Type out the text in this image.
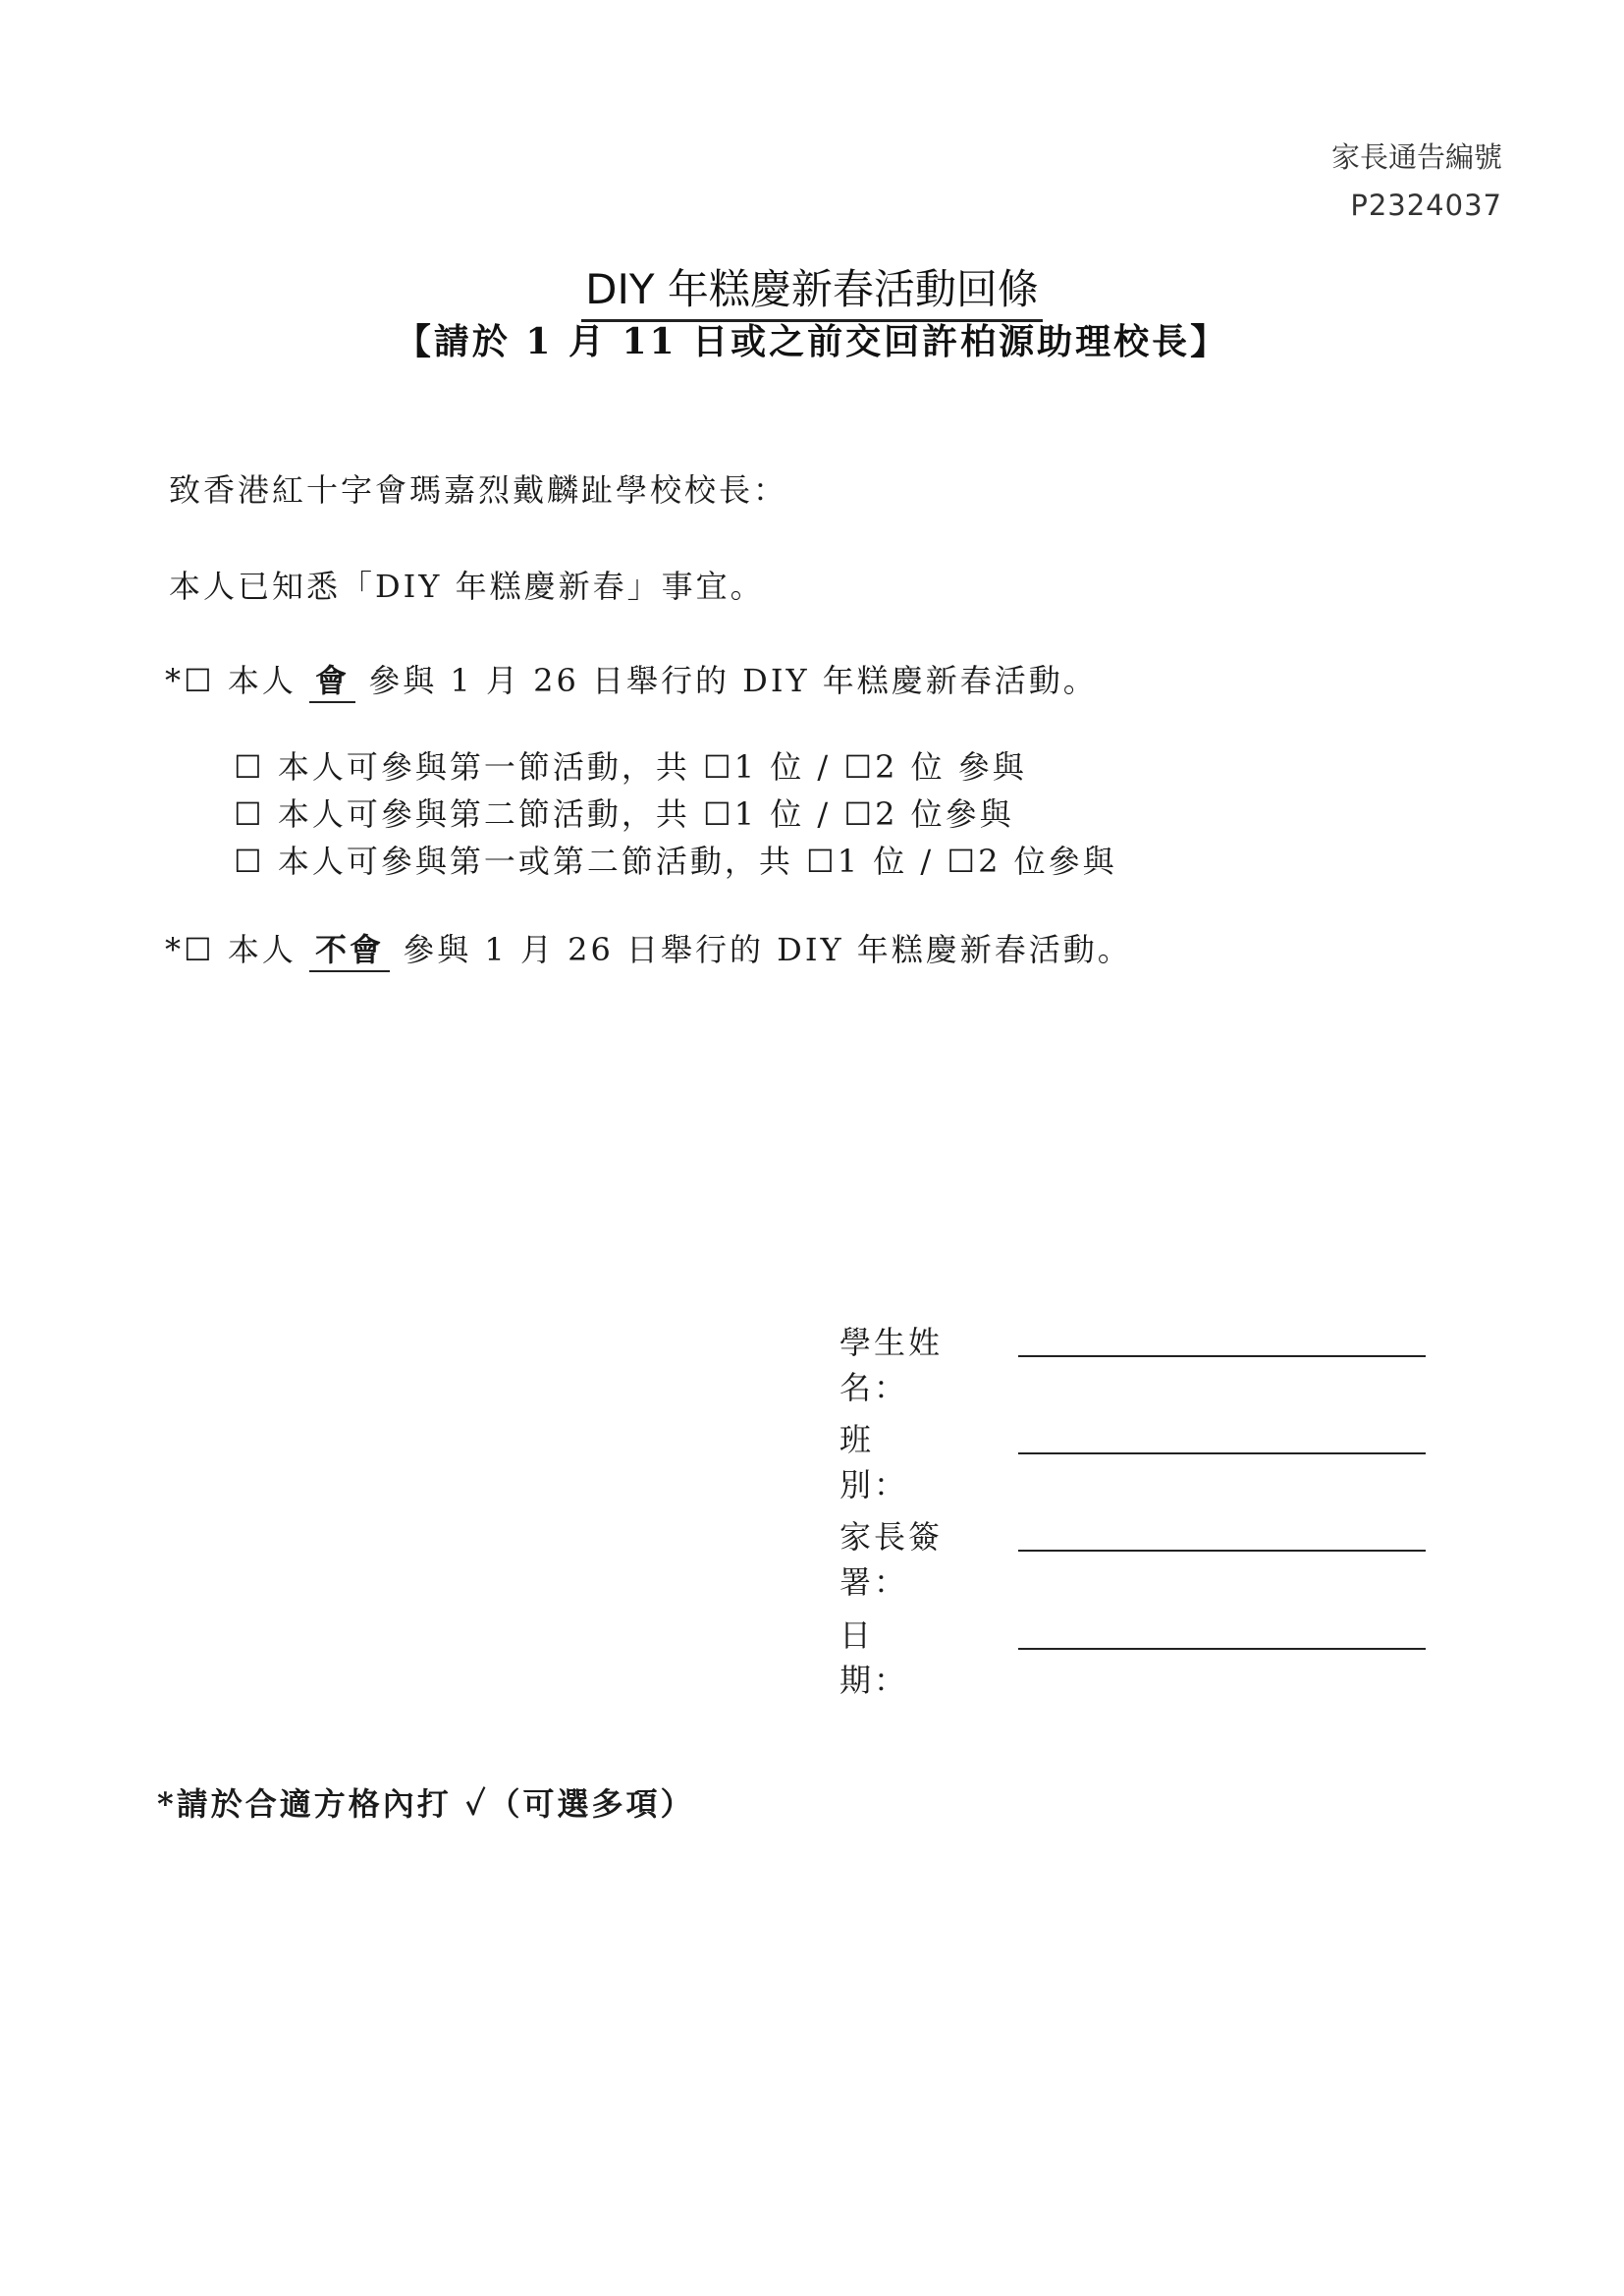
家長通告編號
P2324037
DIY 年糕慶新春活動回條
【請於 1 月 11 日或之前交回許柏源助理校長】
致香港紅十字會瑪嘉烈戴麟趾學校校長：
本人已知悉「DIY 年糕慶新春」事宜。
*☐ 本人 會 參與 1 月 26 日舉行的 DIY 年糕慶新春活動。
☐ 本人可參與第一節活動，共 ☐1 位 / ☐2 位 參與
☐ 本人可參與第二節活動，共 ☐1 位 / ☐2 位參與
☐ 本人可參與第一或第二節活動，共 ☐1 位 / ☐2 位參與
*☐ 本人 不會 參與 1 月 26 日舉行的 DIY 年糕慶新春活動。
學生姓名：
班　　別：
家長簽署：
日　　期：
*請於合適方格內打 ✓（可選多項）
